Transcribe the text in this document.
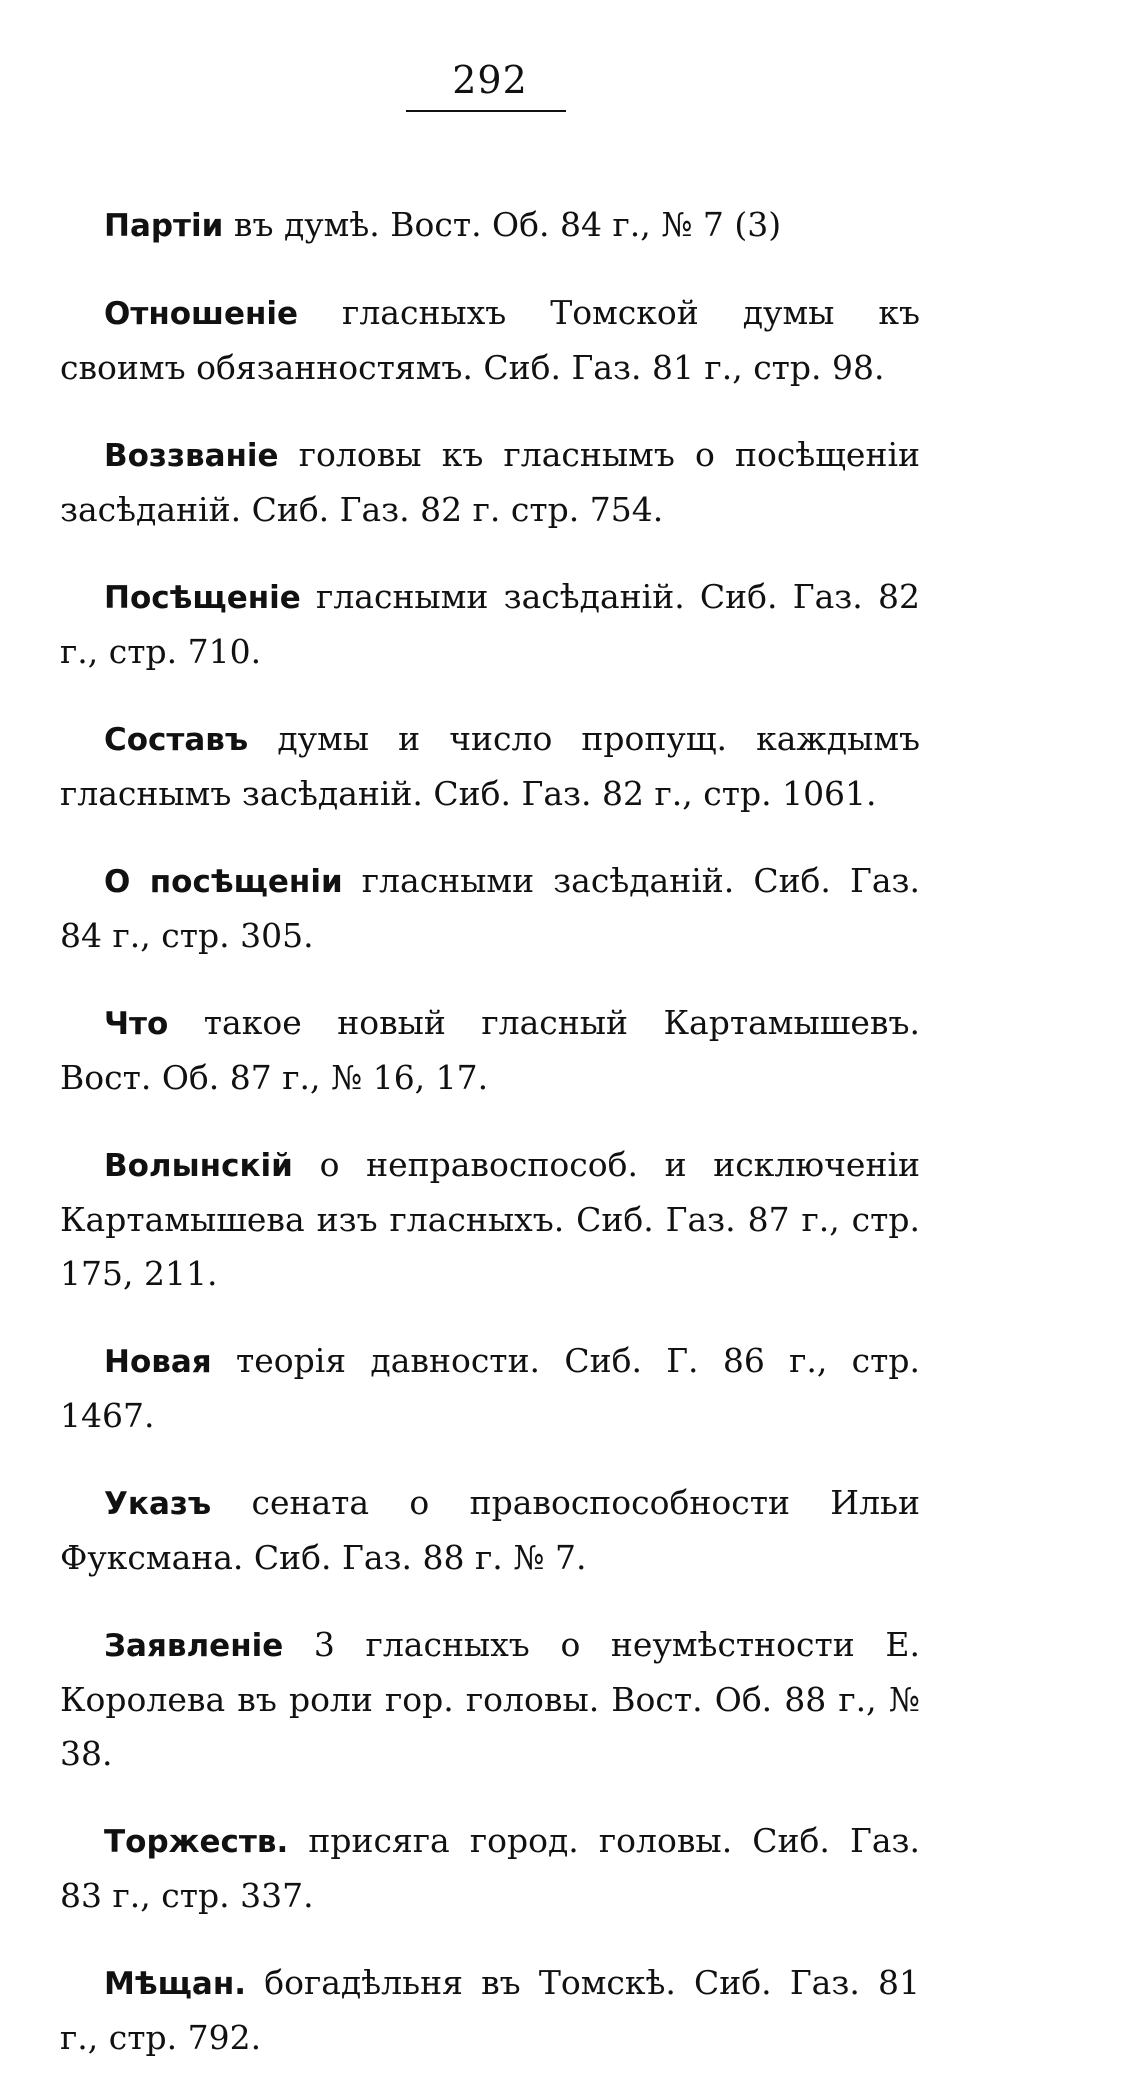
292

Партіи въ думѣ. Вост. Об. 84 г., № 7 (3)

Отношеніе гласныхъ Томской думы къ своимъ обязанностямъ. Сиб. Газ. 81 г., стр. 98.

Воззваніе головы къ гласнымъ о посѣщеніи засѣданій. Сиб. Газ. 82 г. стр. 754.

Посѣщеніе гласными засѣданій. Сиб. Газ. 82 г., стр. 710.

Составъ думы и число пропущ. каждымъ гласнымъ засѣданій. Сиб. Газ. 82 г., стр. 1061.

О посѣщеніи гласными засѣданій. Сиб. Газ. 84 г., стр. 305.

Что такое новый гласный Картамышевъ. Вост. Об. 87 г., № 16, 17.

Волынскій о неправоспособ. и исключеніи Картамышева изъ гласныхъ. Сиб. Газ. 87 г., стр. 175, 211.

Новая теорія давности. Сиб. Г. 86 г., стр. 1467.

Указъ сената о правоспособности Ильи Фуксмана. Сиб. Газ. 88 г. № 7.

Заявленіе 3 гласныхъ о неумѣстности Е. Королева въ роли гор. головы. Вост. Об. 88 г., № 38.

Торжеств. присяга город. головы. Сиб. Газ. 83 г., стр. 337.

Мѣщан. богадѣльня въ Томскѣ. Сиб. Газ. 81 г., стр. 792.
